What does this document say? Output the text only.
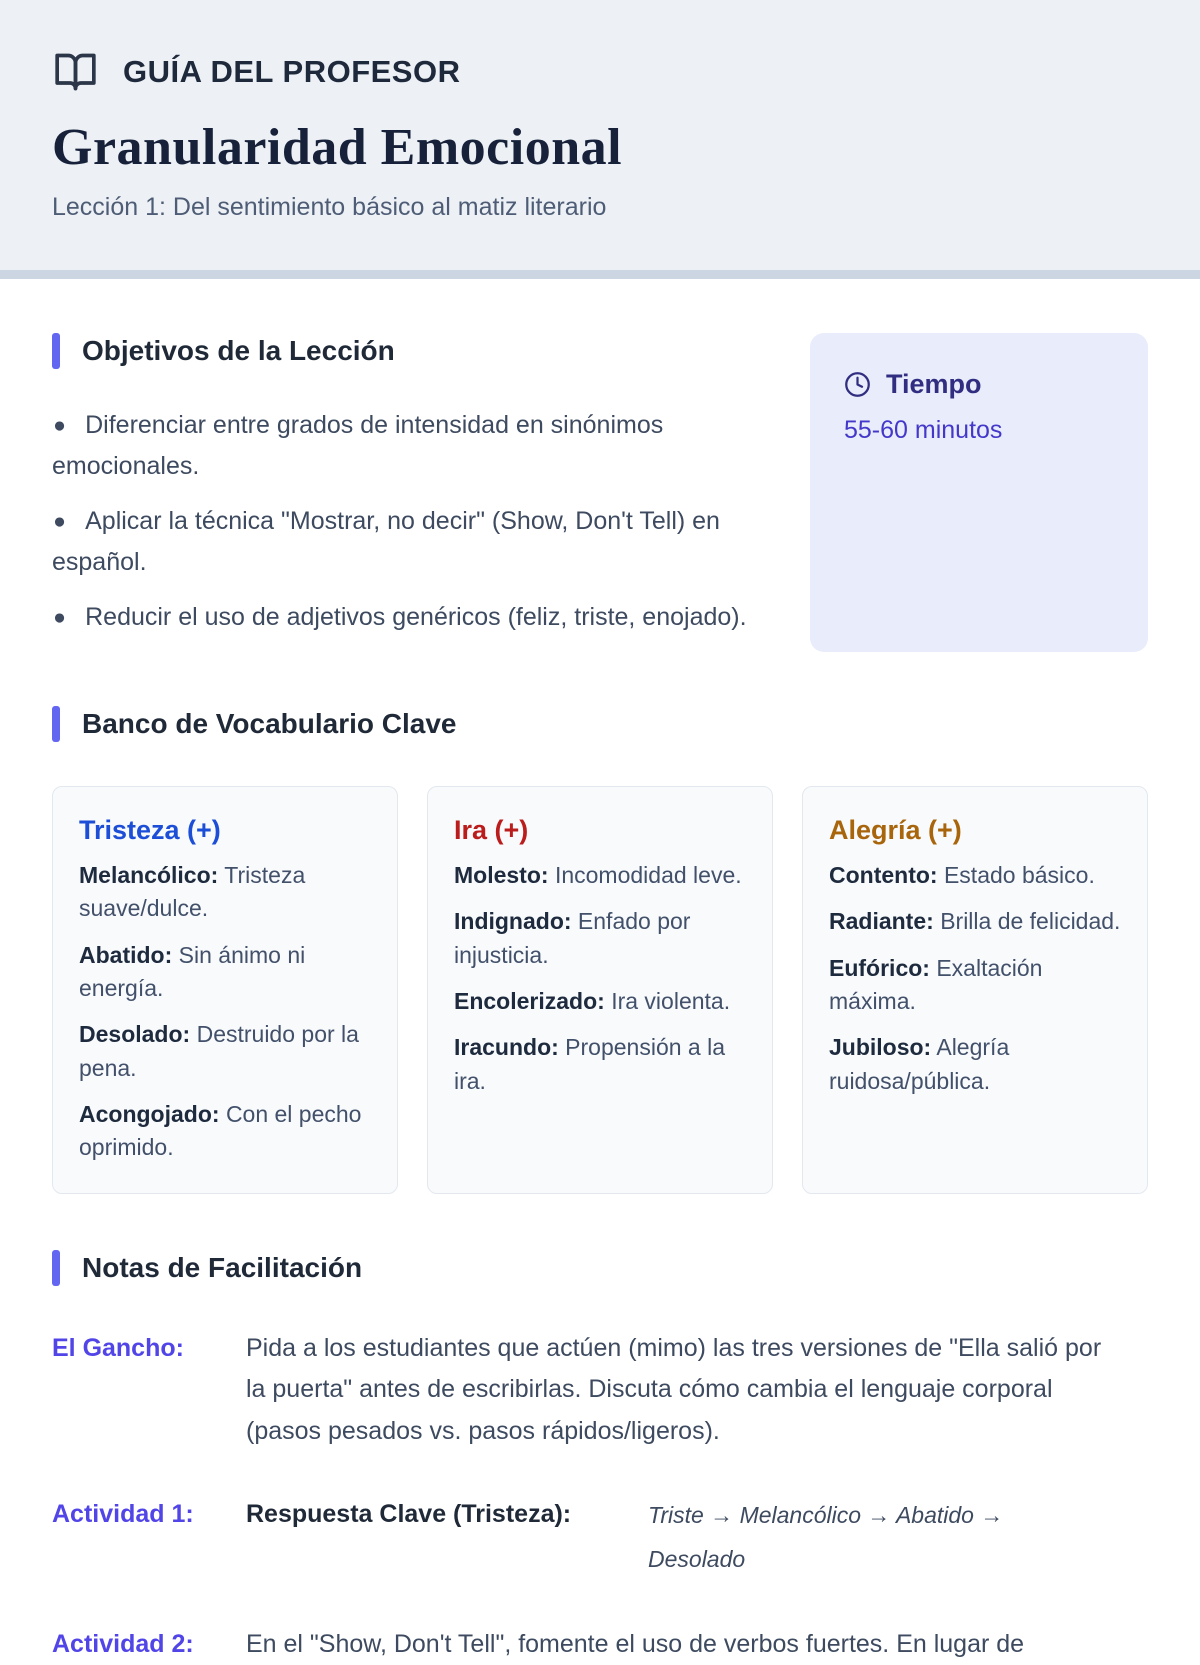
GUÍA DEL PROFESOR
Granularidad Emocional

Lección 1: Del sentimiento básico al matiz literario

Objetivos de la Lección
● Diferenciar entre grados de intensidad en sinónimos emocionales.
● Aplicar la técnica "Mostrar, no decir" (Show, Don't Tell) en español.
● Reducir el uso de adjetivos genéricos (feliz, triste, enojado).
Tiempo
55-60 minutos
Banco de Vocabulario Clave
Tristeza (+)

Melancólico: Tristeza suave/dulce.

Abatido: Sin ánimo ni energía.

Desolado: Destruido por la pena.

Acongojado: Con el pecho oprimido.

Ira (+)

Molesto: Incomodidad leve.

Indignado: Enfado por injusticia.

Encolerizado: Ira violenta.

Iracundo: Propensión a la ira.

Alegría (+)

Contento: Estado básico.

Radiante: Brilla de felicidad.

Eufórico: Exaltación máxima.

Jubiloso: Alegría ruidosa/pública.

Notas de Facilitación
El Gancho:	Pida a los estudiantes que actúen (mimo) las tres versiones de "Ella salió por la puerta" antes de escribirlas. Discuta cómo cambia el lenguaje corporal (pasos pesados vs. pasos rápidos/ligeros).
Actividad 1:	Respuesta Clave (Tristeza):	Triste → Melancólico → Abatido → Desolado
Actividad 2:	En el "Show, Don't Tell", fomente el uso de verbos fuertes. En lugar de
